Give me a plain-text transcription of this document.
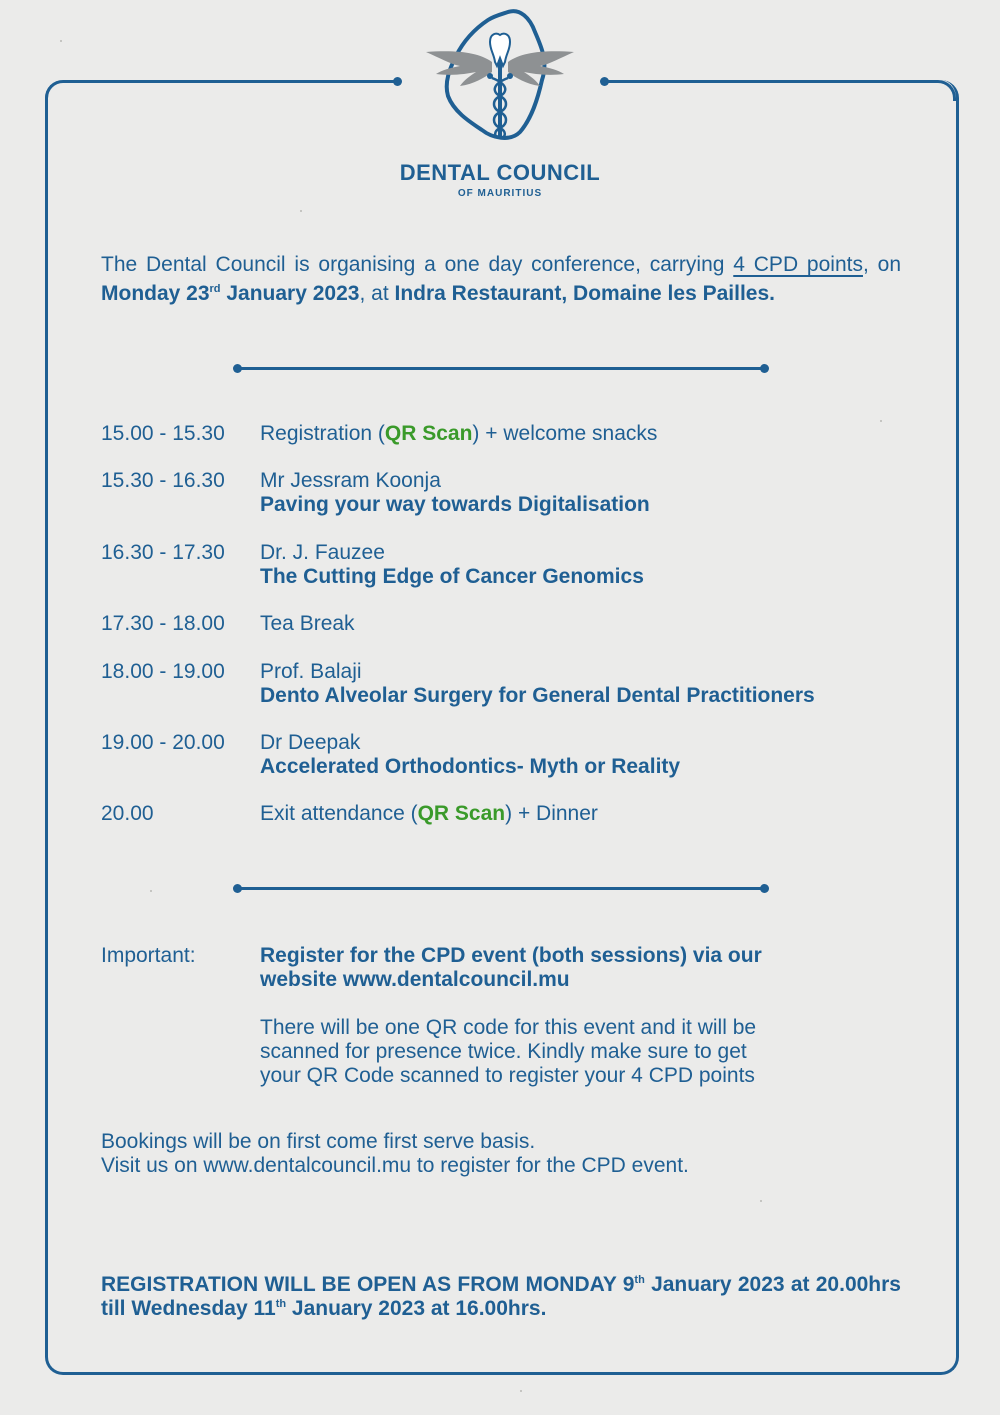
DENTAL COUNCIL
OF MAURITIUS
The Dental Council is organising a one day conference, carrying 4 CPD points, on Monday 23rd January 2023, at Indra Restaurant, Domaine les Pailles.
15.00 - 15.30	Registration (QR Scan) + welcome snacks
15.30 - 16.30	Mr Jessram Koonja
Paving your way towards Digitalisation
16.30 - 17.30	Dr. J. Fauzee
The Cutting Edge of Cancer Genomics
17.30 - 18.00	Tea Break
18.00 - 19.00	Prof. Balaji
Dento Alveolar Surgery for General Dental Practitioners
19.00 - 20.00	Dr Deepak
Accelerated Orthodontics- Myth or Reality
20.00	Exit attendance (QR Scan) + Dinner
Important:	Register for the CPD event (both sessions) via our
website www.dentalcouncil.mu
There will be one QR code for this event and it will be
scanned for presence twice. Kindly make sure to get
your QR Code scanned to register your 4 CPD points
Bookings will be on first come first serve basis.
Visit us on www.dentalcouncil.mu to register for the CPD event.
REGISTRATION WILL BE OPEN AS FROM MONDAY 9th January 2023 at 20.00hrs till Wednesday 11th January 2023 at 16.00hrs.
